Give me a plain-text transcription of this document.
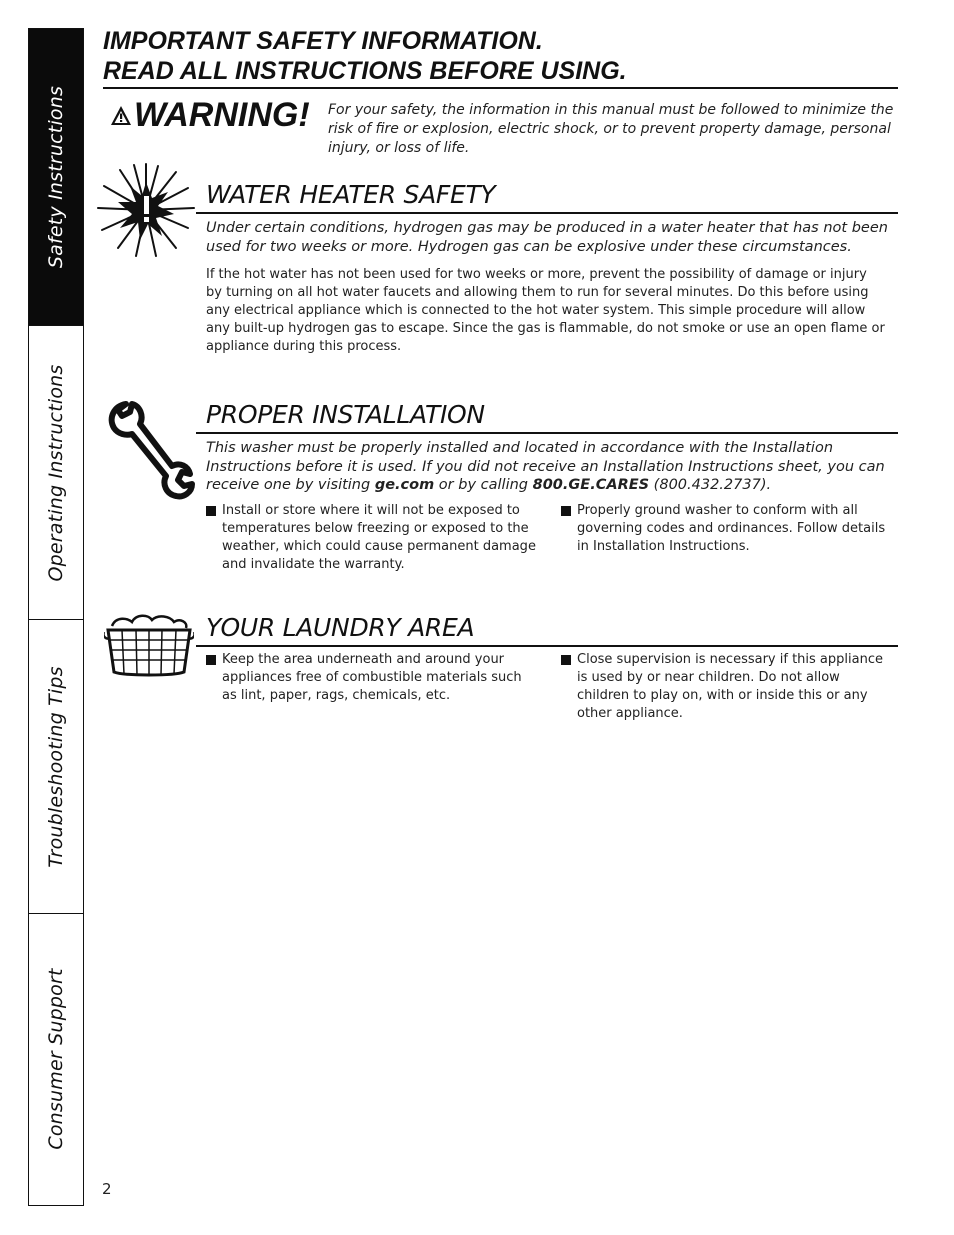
Safety Instructions
Operating Instructions
Troubleshooting Tips
Consumer Support

IMPORTANT SAFETY INFORMATION.

READ ALL INSTRUCTIONS BEFORE USING.

WARNING! For your safety, the information in this manual must be followed to minimize the risk of fire or explosion, electric shock, or to prevent property damage, personal injury, or loss of life.
WATER HEATER SAFETY
Under certain conditions, hydrogen gas may be produced in a water heater that has not been used for two weeks or more. Hydrogen gas can be explosive under these circumstances.
If the hot water has not been used for two weeks or more, prevent the possibility of damage or injury by turning on all hot water faucets and allowing them to run for several minutes. Do this before using any electrical appliance which is connected to the hot water system. This simple procedure will allow any built-up hydrogen gas to escape. Since the gas is flammable, do not smoke or use an open flame or appliance during this process.
PROPER INSTALLATION
This washer must be properly installed and located in accordance with the Installation Instructions before it is used. If you did not receive an Installation Instructions sheet, you can receive one by visiting ge.com or by calling 800.GE.CARES (800.432.2737).
Install or store where it will not be exposed to temperatures below freezing or exposed to the weather, which could cause permanent damage and invalidate the warranty.
Properly ground washer to conform with all governing codes and ordinances. Follow details in Installation Instructions.
YOUR LAUNDRY AREA
Keep the area underneath and around your appliances free of combustible materials such as lint, paper, rags, chemicals, etc.
Close supervision is necessary if this appliance is used by or near children. Do not allow children to play on, with or inside this or any other appliance.
2
